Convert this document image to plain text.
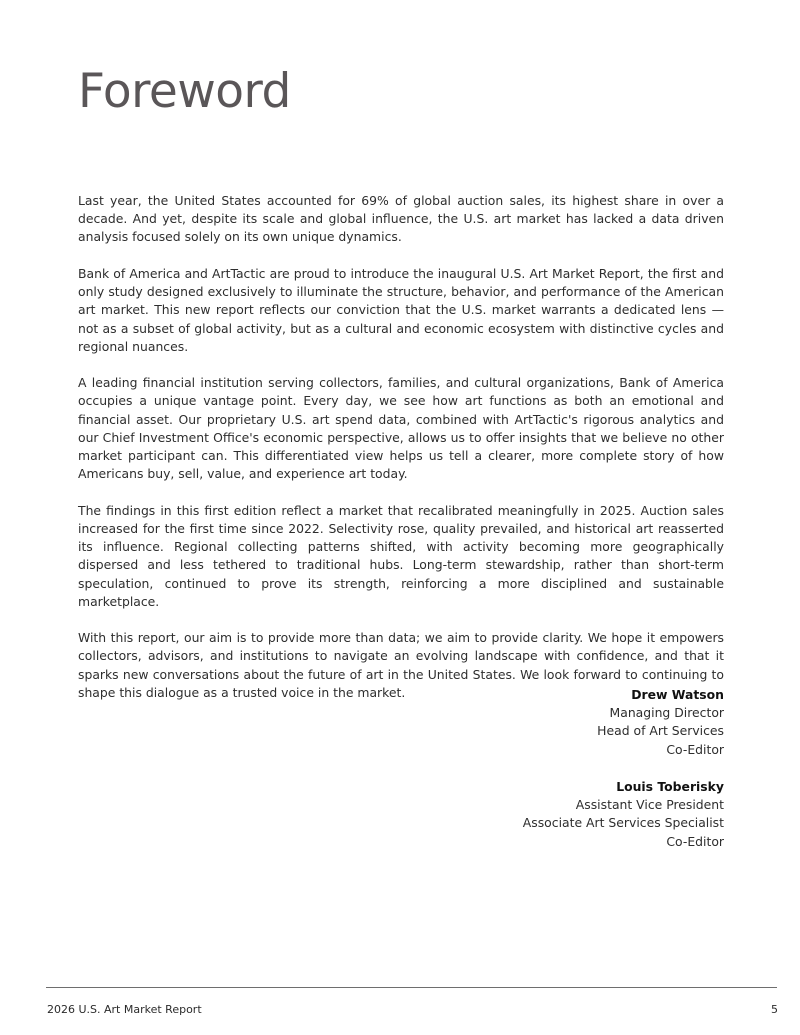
Foreword

Last year, the United States accounted for 69% of global auction sales, its highest share in over a decade. And yet, despite its scale and global influence, the U.S. art market has lacked a data driven analysis focused solely on its own unique dynamics.

Bank of America and ArtTactic are proud to introduce the inaugural U.S. Art Market Report, the first and only study designed exclusively to illuminate the structure, behavior, and performance of the American art market. This new report reflects our conviction that the U.S. market warrants a dedicated lens — not as a subset of global activity, but as a cultural and economic ecosystem with distinctive cycles and regional nuances.

A leading financial institution serving collectors, families, and cultural organizations, Bank of America occupies a unique vantage point. Every day, we see how art functions as both an emotional and financial asset. Our proprietary U.S. art spend data, combined with ArtTactic's rigorous analytics and our Chief Investment Office's economic perspective, allows us to offer insights that we believe no other market participant can. This differentiated view helps us tell a clearer, more complete story of how Americans buy, sell, value, and experience art today.

The findings in this first edition reflect a market that recalibrated meaningfully in 2025. Auction sales increased for the first time since 2022. Selectivity rose, quality prevailed, and historical art reasserted its influence. Regional collecting patterns shifted, with activity becoming more geographically dispersed and less tethered to traditional hubs. Long-term stewardship, rather than short-term speculation, continued to prove its strength, reinforcing a more disciplined and sustainable marketplace.

With this report, our aim is to provide more than data; we aim to provide clarity. We hope it empowers collectors, advisors, and institutions to navigate an evolving landscape with confidence, and that it sparks new conversations about the future of art in the United States. We look forward to continuing to shape this dialogue as a trusted voice in the market.	Drew Watson
Managing Director
Head of Art Services
Co-Editor
Louis Toberisky
Assistant Vice President
Associate Art Services Specialist
Co-Editor
2026 U.S. Art Market Report	5
